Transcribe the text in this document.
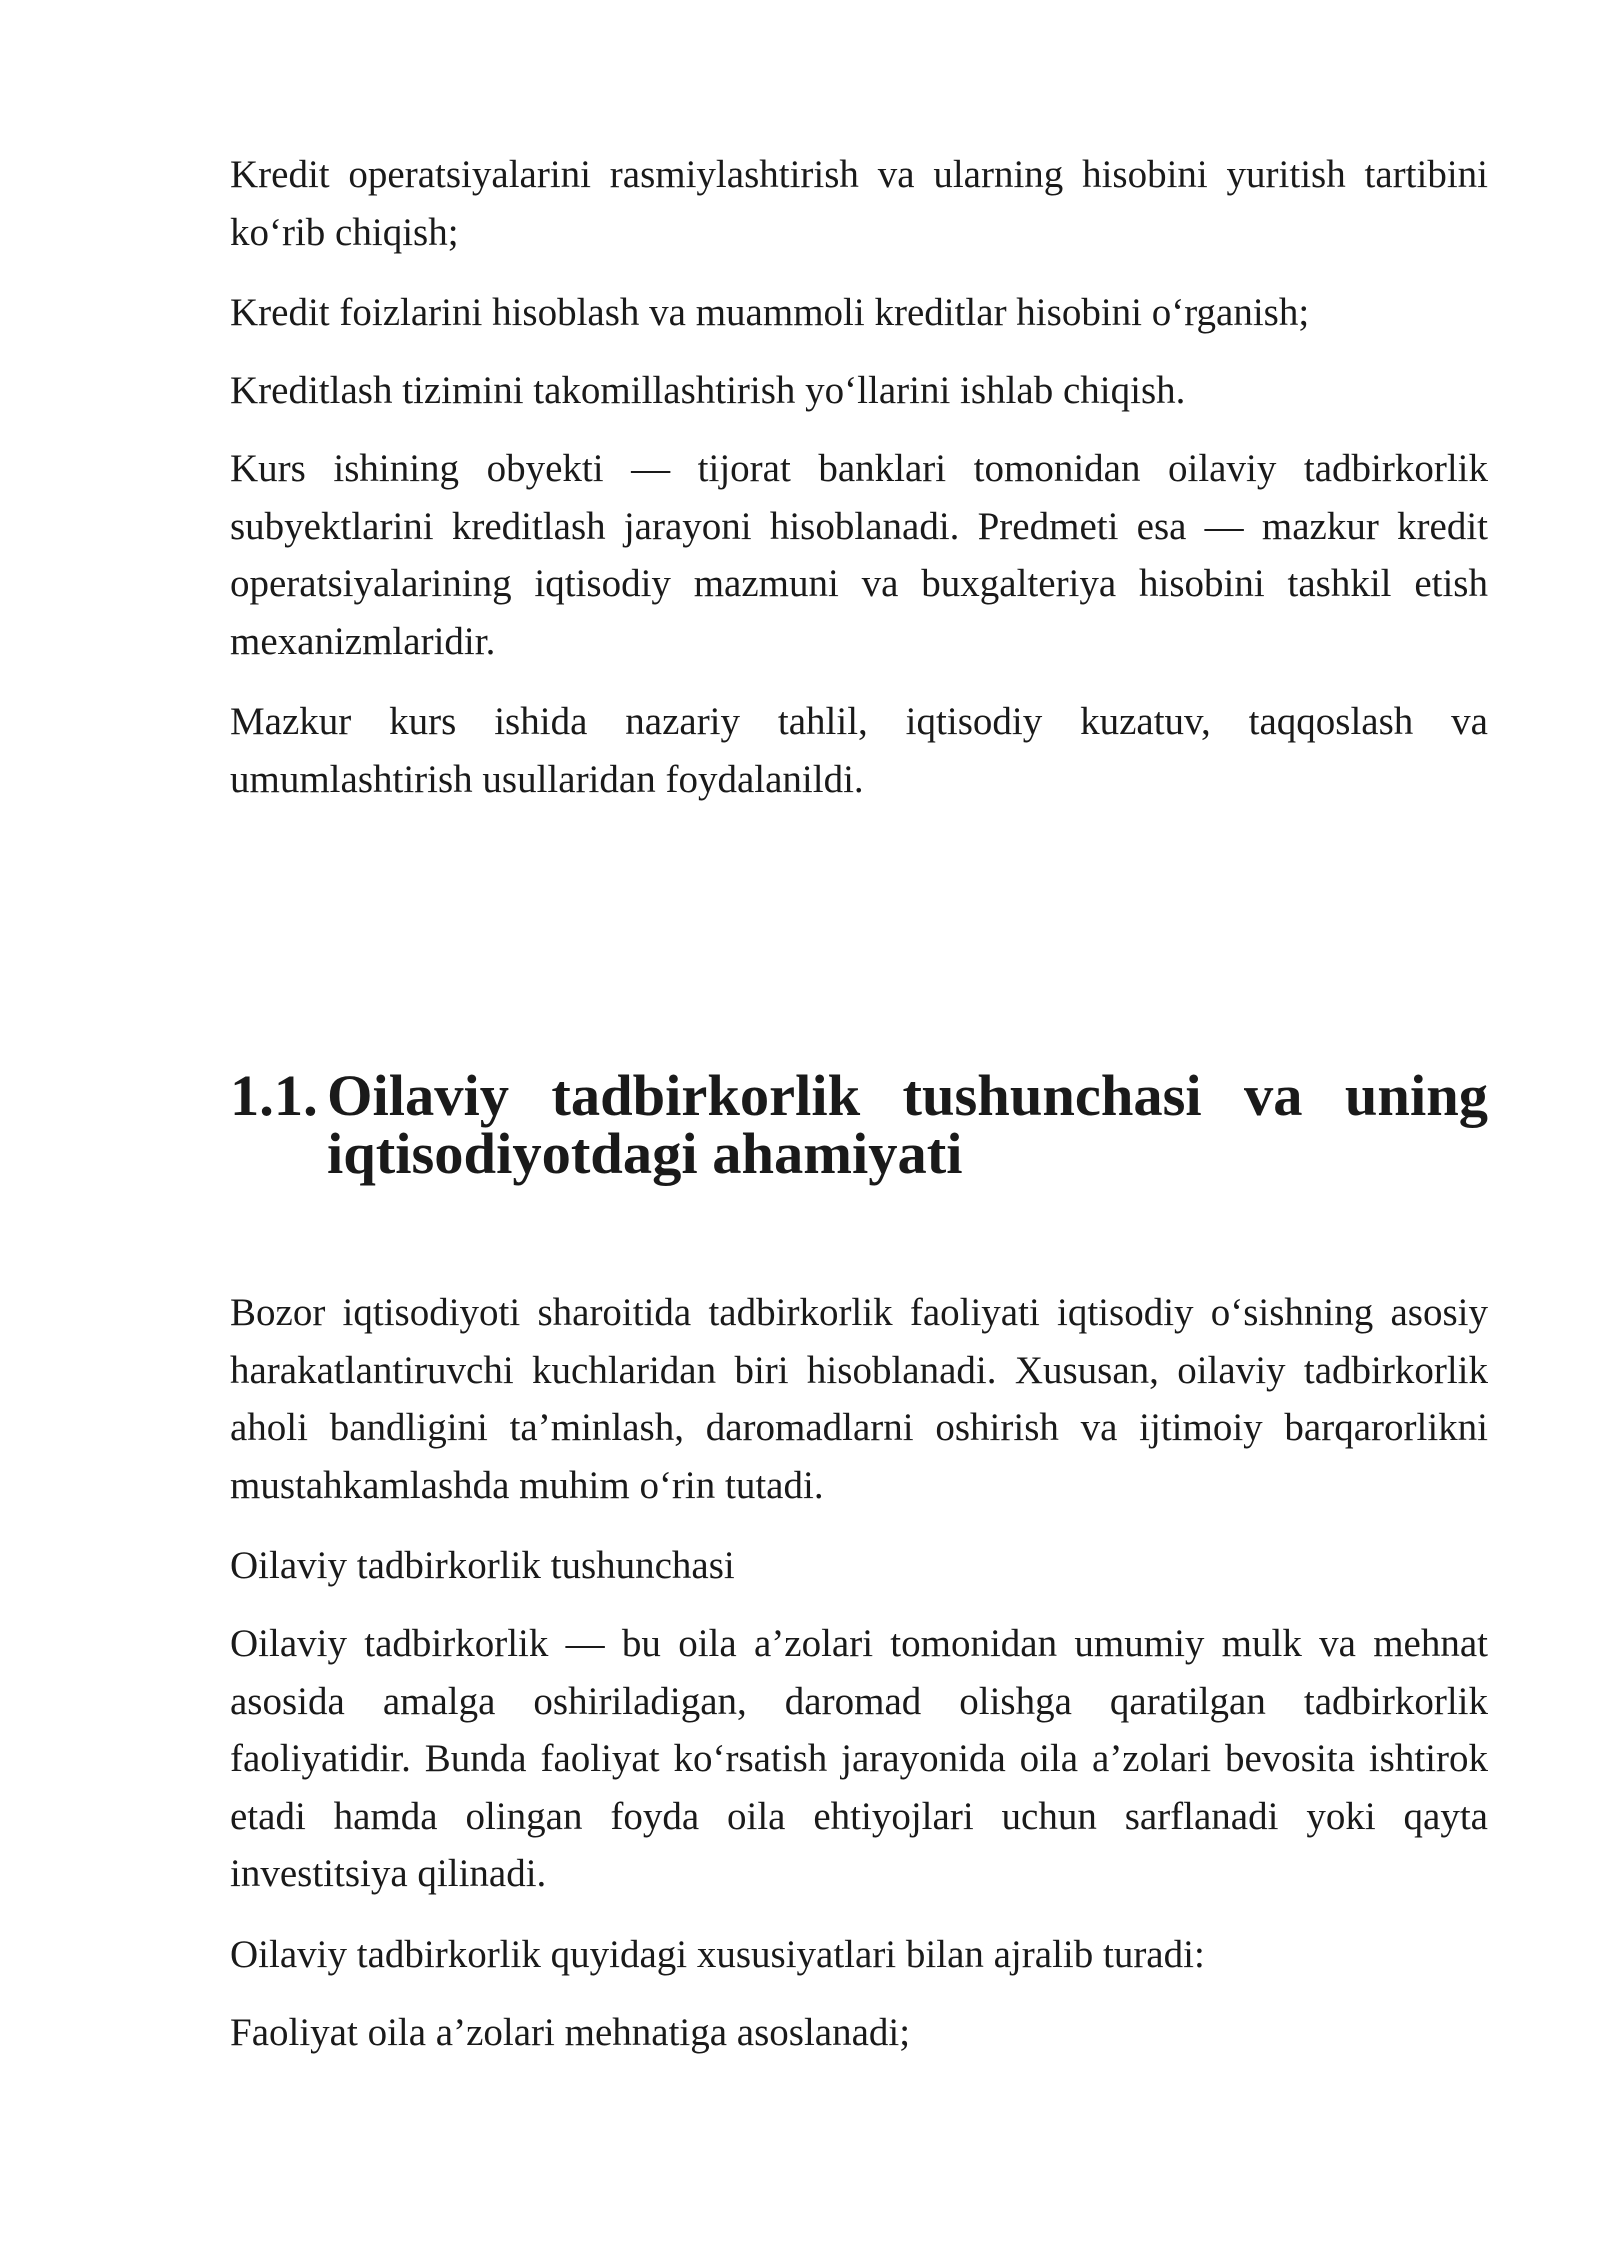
Kredit operatsiyalarini rasmiylashtirish va ularning hisobini yuritish tartibini ko‘rib chiqish;

Kredit foizlarini hisoblash va muammoli kreditlar hisobini o‘rganish;

Kreditlash tizimini takomillashtirish yo‘llarini ishlab chiqish.

Kurs ishining obyekti — tijorat banklari tomonidan oilaviy tadbirkorlik subyektlarini kreditlash jarayoni hisoblanadi. Predmeti esa — mazkur kredit operatsiyalarining iqtisodiy mazmuni va buxgalteriya hisobini tashkil etish mexanizmlaridir.

Mazkur kurs ishida nazariy tahlil, iqtisodiy kuzatuv, taqqoslash va umumlashtirish usullaridan foydalanildi.

1.1. Oilaviy tadbirkorlik tushunchasi va uning iqtisodiyotdagi ahamiyati

Bozor iqtisodiyoti sharoitida tadbirkorlik faoliyati iqtisodiy o‘sishning asosiy harakatlantiruvchi kuchlaridan biri hisoblanadi. Xususan, oilaviy tadbirkorlik aholi bandligini ta’minlash, daromadlarni oshirish va ijtimoiy barqarorlikni mustahkamlashda muhim o‘rin tutadi.

Oilaviy tadbirkorlik tushunchasi

Oilaviy tadbirkorlik — bu oila a’zolari tomonidan umumiy mulk va mehnat asosida amalga oshiriladigan, daromad olishga qaratilgan tadbirkorlik faoliyatidir. Bunda faoliyat ko‘rsatish jarayonida oila a’zolari bevosita ishtirok etadi hamda olingan foyda oila ehtiyojlari uchun sarflanadi yoki qayta investitsiya qilinadi.

Oilaviy tadbirkorlik quyidagi xususiyatlari bilan ajralib turadi:

Faoliyat oila a’zolari mehnatiga asoslanadi;
